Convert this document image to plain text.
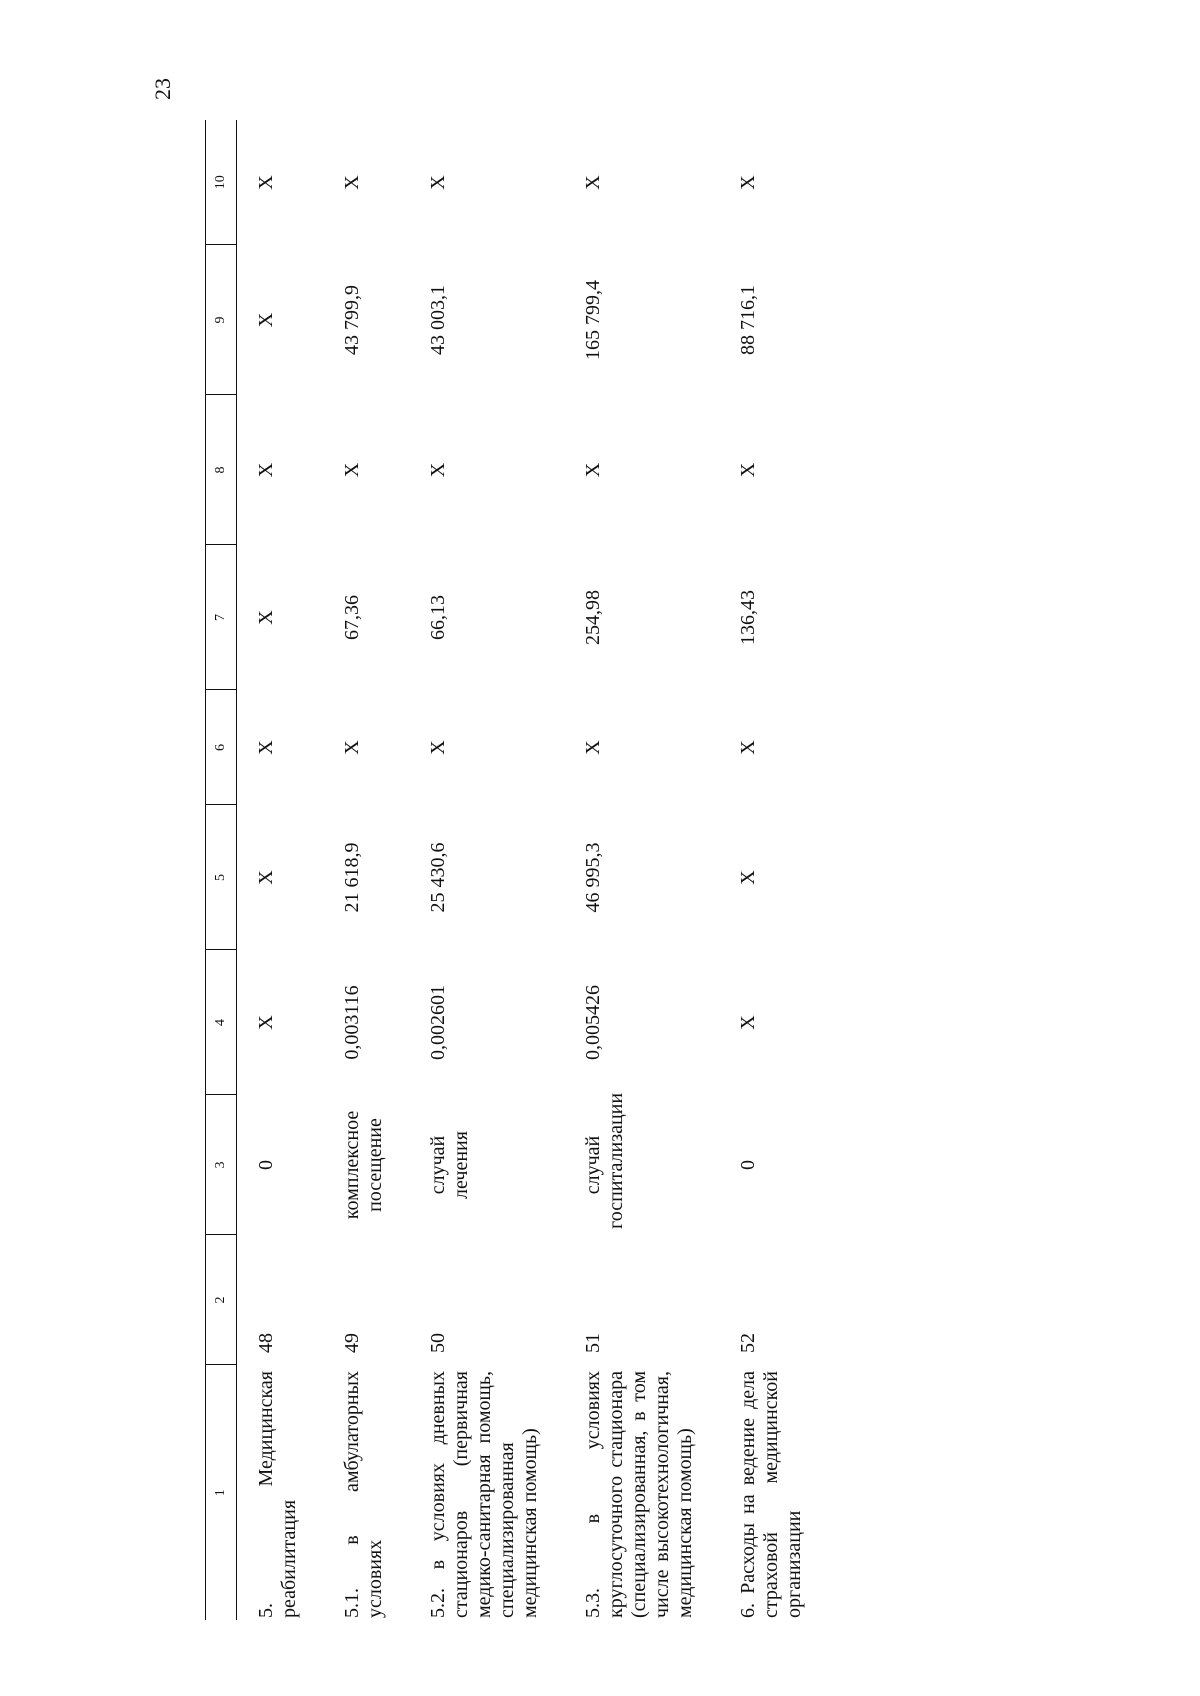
23
1	2	3	4	5	6	7	8	9	10
5. Медицинская реабилитация	48	0	X	X	X	X	X	X	X
5.1. в амбулаторных условиях	49	комплексное посещение	0,003116	21 618,9	X	67,36	X	43 799,9	X
5.2. в условиях дневных стационаров (первичная медико-санитарная помощь, специализированная медицинская помощь)	50	случай лечения	0,002601	25 430,6	X	66,13	X	43 003,1	X
5.3. в условиях круглосуточного стационара (специализированная, в том числе высокотехнологичная, медицинская помощь)	51	случай госпитализации	0,005426	46 995,3	X	254,98	X	165 799,4	X
6. Расходы на ведение дела страховой медицинской организации	52	0	X	X	X	136,43	X	88 716,1	X
